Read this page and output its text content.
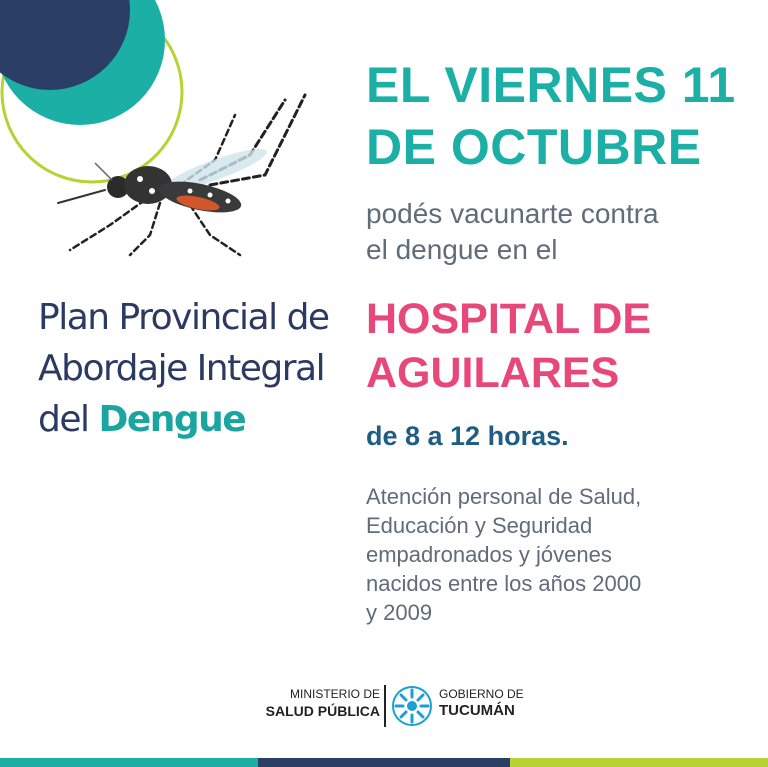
Plan Provincial de
Abordaje Integral
del Dengue
EL VIERNES 11
DE OCTUBRE
podés vacunarte contra
el dengue en el
HOSPITAL DE
AGUILARES
de 8 a 12 horas.
Atención personal de Salud,
Educación y Seguridad
empadronados y jóvenes
nacidos entre los años 2000
y 2009
MINISTERIO DE
SALUD PÚBLICA
GOBIERNO DE
TUCUMÁN
